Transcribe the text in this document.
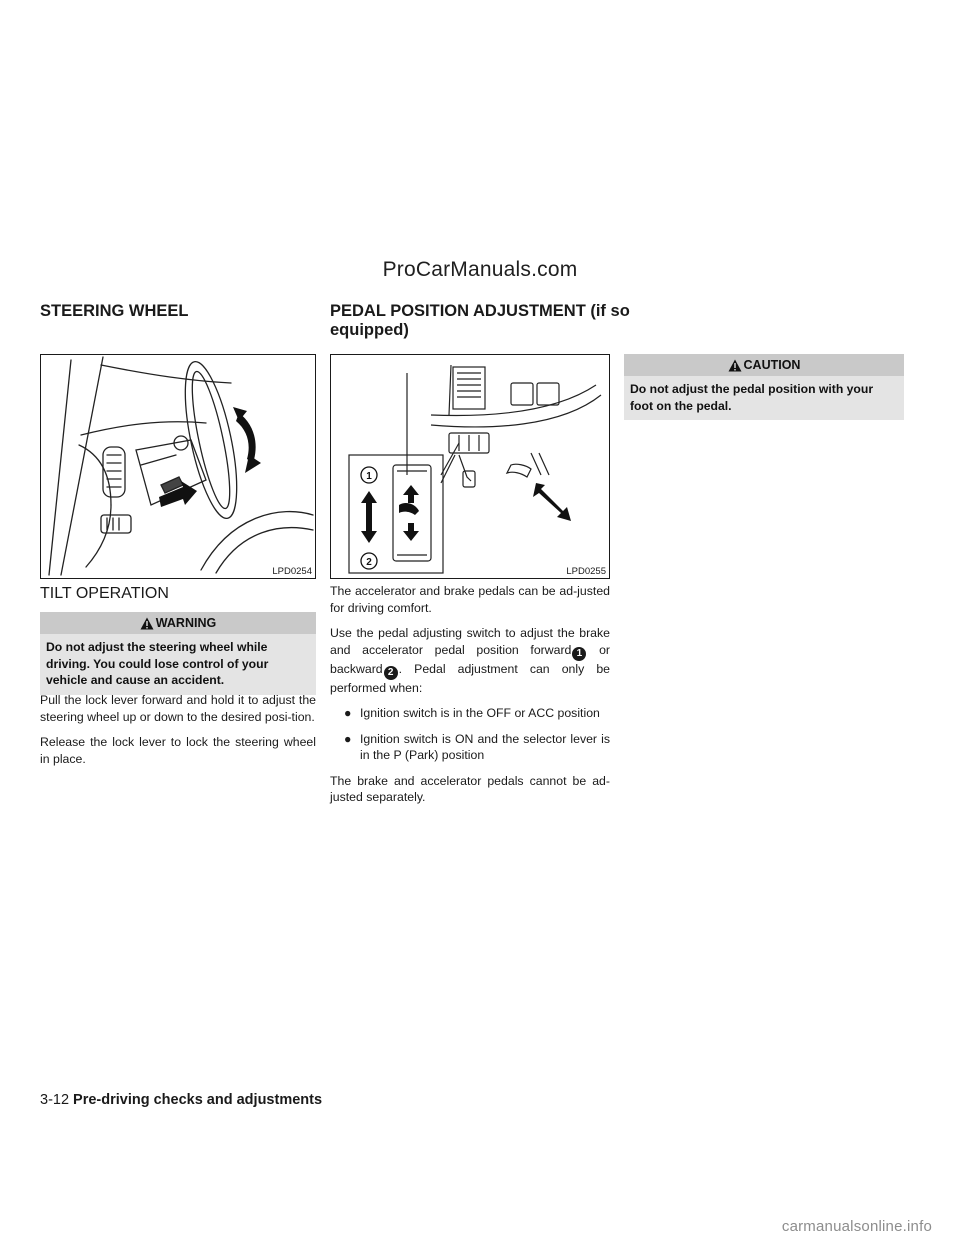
ProCarManuals.com
STEERING WHEEL
LPD0254
TILT OPERATION
WARNING
Do not adjust the steering wheel while driving. You could lose control of your vehicle and cause an accident.

Pull the lock lever forward and hold it to adjust the steering wheel up or down to the desired posi-tion.

Release the lock lever to lock the steering wheel in place.

PEDAL POSITION ADJUSTMENT (if so equipped)
1
2
LPD0255

The accelerator and brake pedals can be ad-justed for driving comfort.

Use the pedal adjusting switch to adjust the brake and accelerator pedal position forward 1 or backward 2 . Pedal adjustment can only be performed when:

● Ignition switch is in the OFF or ACC position
● Ignition switch is ON and the selector lever is in the P (Park) position

The brake and accelerator pedals cannot be ad-justed separately.

CAUTION
Do not adjust the pedal position with your foot on the pedal.
3-12 Pre-driving checks and adjustments
carmanualsonline.info
